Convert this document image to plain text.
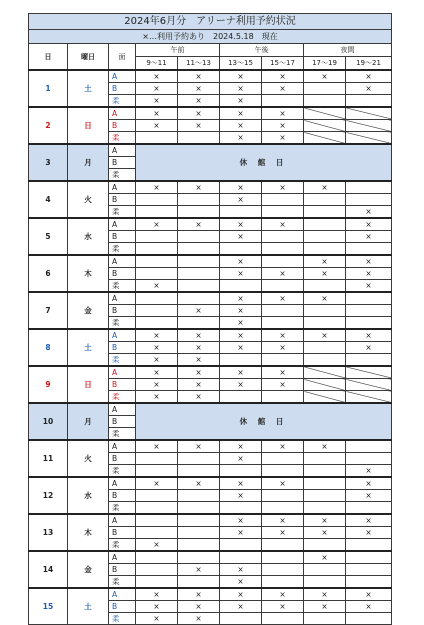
2024年6月分　アリーナ利用予約状況								
×…利用予約あり　2024.5.18　現在								
日	曜日	面	午前		午後		夜間	
			9～11	11～13	13～15	15～17	17～19	19～21
1	土	A	×	×	×	×	×	×
		B	×	×	×	×		×
		柔	×	×	×			
2	日	A	×	×	×	×		
		B	×	×	×	×		
		柔			×	×		
3	月	A	休 館 日					
		B						
		柔						
4	火	A	×	×	×	×	×	
		B			×			
		柔						×
5	水	A	×	×	×	×		×
		B			×			×
		柔						
6	木	A			×		×	×
		B			×	×	×	×
		柔	×					×
7	金	A			×	×	×	
		B		×	×			
		柔			×			
8	土	A	×	×	×	×	×	×
		B	×	×	×	×		×
		柔	×	×				
9	日	A	×	×	×	×		
		B	×	×	×	×		
		柔	×	×				
10	月	A	休 館 日					
		B						
		柔						
11	火	A	×	×	×	×	×	
		B			×			
		柔						×
12	水	A	×	×	×	×		×
		B			×			×
		柔						
13	木	A			×	×	×	×
		B			×	×	×	×
		柔	×					
14	金	A					×	
		B		×	×			
		柔			×			
15	土	A	×	×	×	×	×	×
		B	×	×	×	×	×	×
		柔	×	×				
